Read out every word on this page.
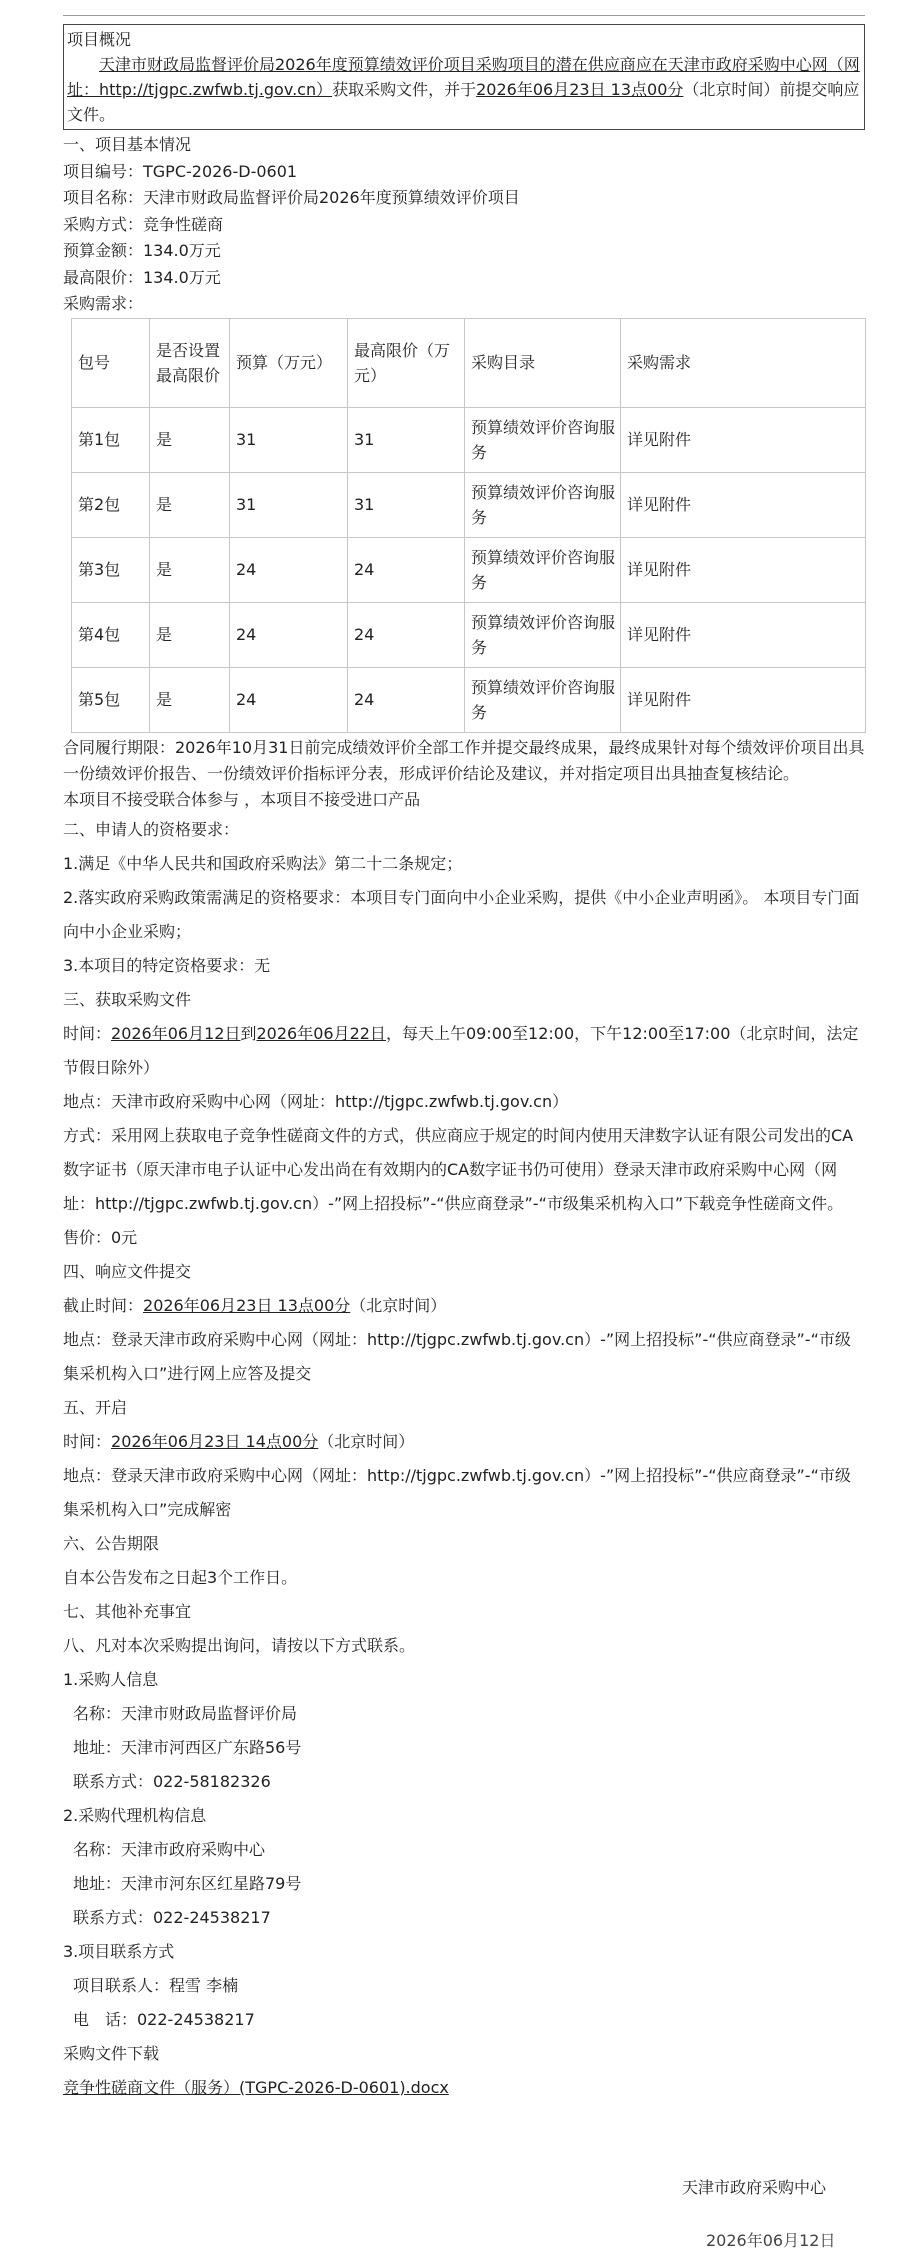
项目概况
天津市财政局监督评价局2026年度预算绩效评价项目采购项目的潜在供应商应在天津市政府采购中心网（网址：http://tjgpc.zwfwb.tj.gov.cn）获取采购文件，并于2026年06月23日 13点00分（北京时间）前提交响应文件。
一、项目基本情况
项目编号：TGPC-2026-D-0601
项目名称：天津市财政局监督评价局2026年度预算绩效评价项目
采购方式：竞争性磋商
预算金额：134.0万元
最高限价：134.0万元
采购需求：
包号	是否设置最高限价	预算（万元）	最高限价（万元）	采购目录	采购需求
第1包	是	31	31	预算绩效评价咨询服务	详见附件
第2包	是	31	31	预算绩效评价咨询服务	详见附件
第3包	是	24	24	预算绩效评价咨询服务	详见附件
第4包	是	24	24	预算绩效评价咨询服务	详见附件
第5包	是	24	24	预算绩效评价咨询服务	详见附件
合同履行期限：2026年10月31日前完成绩效评价全部工作并提交最终成果，最终成果针对每个绩效评价项目出具一份绩效评价报告、一份绩效评价指标评分表，形成评价结论及建议，并对指定项目出具抽查复核结论。
本项目不接受联合体参与 ，本项目不接受进口产品
二、申请人的资格要求：
1.满足《中华人民共和国政府采购法》第二十二条规定；
2.落实政府采购政策需满足的资格要求：本项目专门面向中小企业采购，提供《中小企业声明函》。 本项目专门面向中小企业采购；
3.本项目的特定资格要求：无
三、获取采购文件
时间：2026年06月12日到2026年06月22日，每天上午09:00至12:00，下午12:00至17:00（北京时间，法定节假日除外）
地点：天津市政府采购中心网（网址：http://tjgpc.zwfwb.tj.gov.cn）
方式：采用网上获取电子竞争性磋商文件的方式，供应商应于规定的时间内使用天津数字认证有限公司发出的CA数字证书（原天津市电子认证中心发出尚在有效期内的CA数字证书仍可使用）登录天津市政府采购中心网（网址：http://tjgpc.zwfwb.tj.gov.cn）-”网上招投标”-“供应商登录”-“市级集采机构入口”下载竞争性磋商文件。
售价：0元
四、响应文件提交
截止时间：2026年06月23日 13点00分（北京时间）
地点：登录天津市政府采购中心网（网址：http://tjgpc.zwfwb.tj.gov.cn）-”网上招投标”-“供应商登录”-“市级集采机构入口”进行网上应答及提交
五、开启
时间：2026年06月23日 14点00分（北京时间）
地点：登录天津市政府采购中心网（网址：http://tjgpc.zwfwb.tj.gov.cn）-”网上招投标”-“供应商登录”-“市级集采机构入口”完成解密
六、公告期限
自本公告发布之日起3个工作日。
七、其他补充事宜
八、凡对本次采购提出询问，请按以下方式联系。
1.采购人信息
名称：天津市财政局监督评价局
地址：天津市河西区广东路56号
联系方式：022-58182326
2.采购代理机构信息
名称：天津市政府采购中心
地址：天津市河东区红星路79号
联系方式：022-24538217
3.项目联系方式
项目联系人：程雪 李楠
电　话：022-24538217
采购文件下载
竞争性磋商文件（服务）(TGPC-2026-D-0601).docx
天津市政府采购中心
2026年06月12日
